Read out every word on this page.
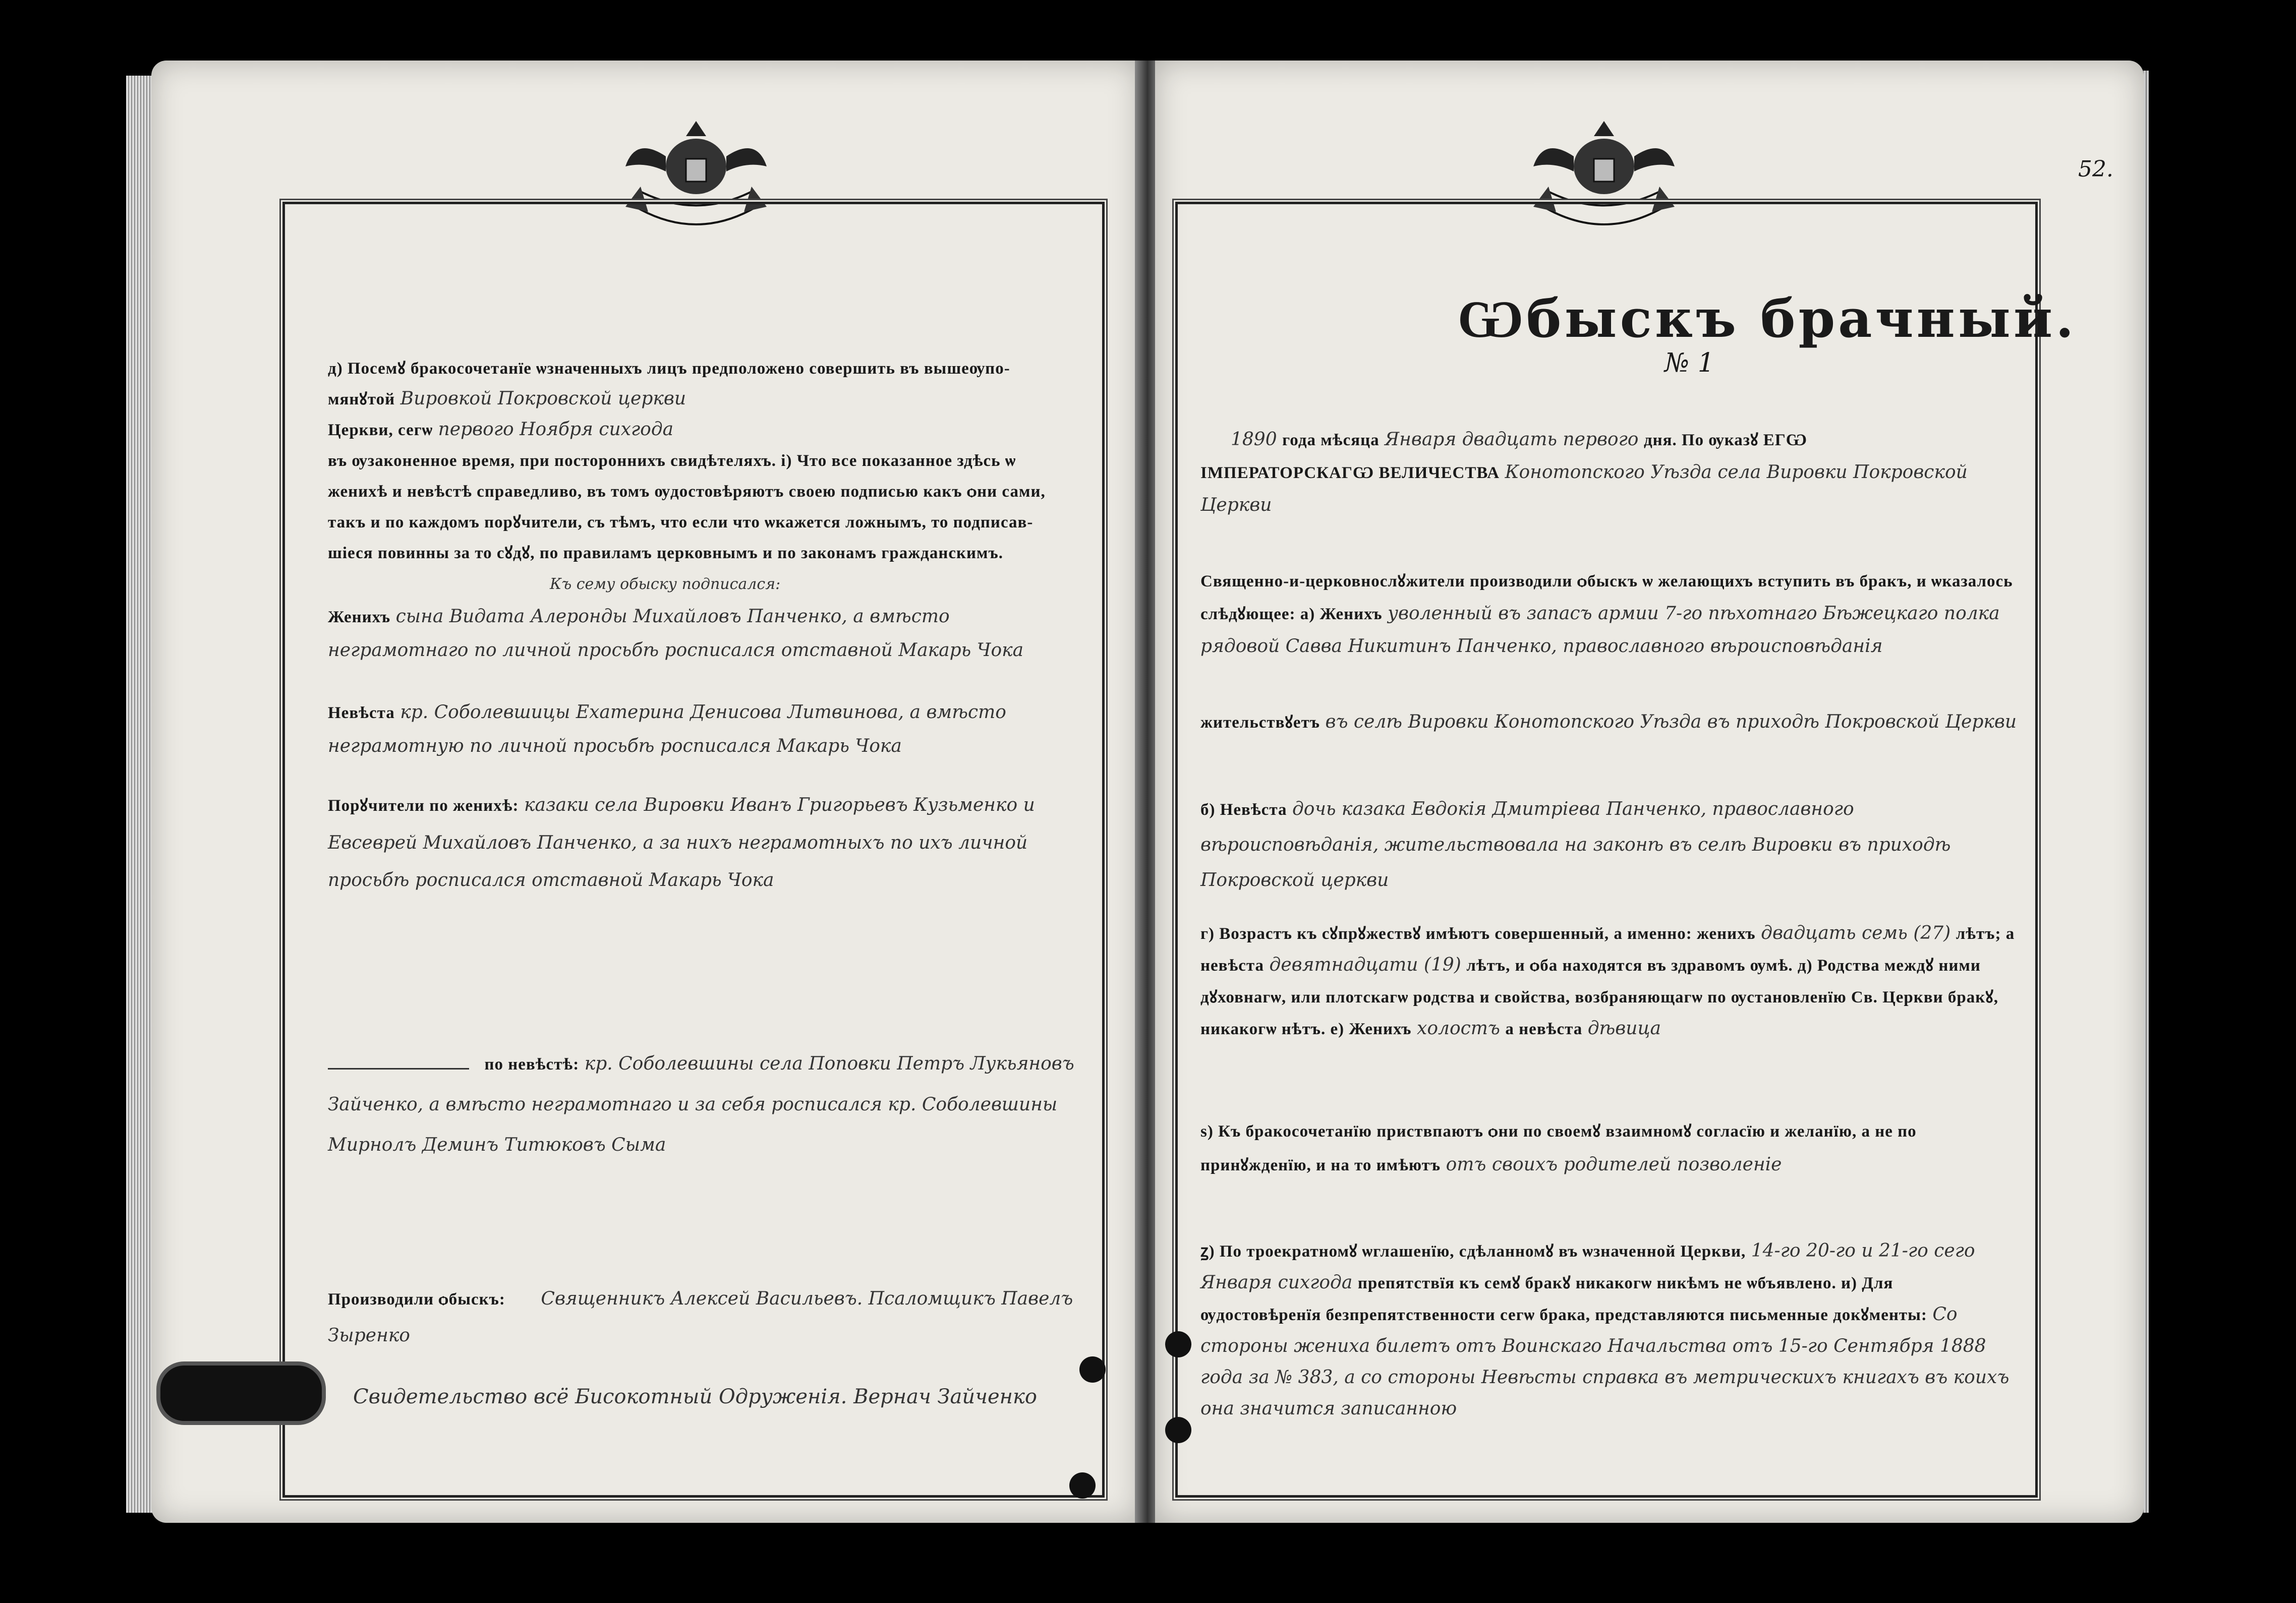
д) Посемꙋ бракосочетанїе ѡзначенныхъ лицъ предположено совершить въ вышеѹпо-
мянꙋтой Вировкой Покровской церкви
Церкви, сегѡ первого Ноября сихгода
въ ѹзаконенное время, при постороннихъ свидѣтеляхъ. і) Что все показанное здѣсь ѡ
женихѣ и невѣстѣ справедливо, въ томъ ѹдостовѣряютъ своею подписью какъ ѻни сами,
такъ и по каждомъ порꙋчители, съ тѣмъ, что если что ѡкажется ложнымъ, то подписав-
шіеся повинны за то сꙋдꙋ, по правиламъ церковнымъ и по законамъ гражданскимъ.
Къ сему обыску подписался:
Женихъ сына Видата Алеронды Михайловъ Панченко, а вмѣсто неграмотнаго по личной просьбѣ росписался отставной Макарь Чока
Невѣста кр. Соболевшицы Ехатерина Денисова Литвинова, а вмѣсто неграмотную по личной просьбѣ росписался Макарь Чока
Порꙋчители по женихѣ: казаки села Вировки Иванъ Григорьевъ Кузьменко и Евсеврей Михайловъ Панченко, а за нихъ неграмотныхъ по ихъ личной просьбѣ росписался отставной Макарь Чока
по невѣстѣ: кр. Соболевшины села Поповки Петръ Лукьяновъ Зайченко, а вмѣсто неграмотнаго и за себя росписался кр. Соболевшины Мирнолъ Деминъ Титюковъ Сыма
Производили ѻбыскъ: Священникъ Алексей Васильевъ. Псаломщикъ Павелъ Зыренко
Свидетельство всё Бисокотный Одруженія. Вернач Зайченко
52.
Ѡбыскъ брачный.
№ 1
1890 года мѣсяца Января двадцать первого дня. По ѹказꙋ ЕГѠ
ІМПЕРАТОРСКАГѠ ВЕЛИЧЕСТВА Конотопского Уѣзда села Вировки Покровской Церкви
Священно-и-церковнослꙋжители производили ѻбыскъ ѡ желающихъ вступить въ бракъ, и ѡказалось слѣдꙋющее: а) Женихъ уволенный въ запасъ армии 7-го пѣхотнаго Бѣжецкаго полка рядовой Савва Никитинъ Панченко, православного вѣроисповѣданія
жительствꙋетъ въ селѣ Вировки Конотопского Уѣзда въ приходѣ Покровской Церкви
б) Невѣста дочь казака Евдокія Дмитріева Панченко, православного вѣроисповѣданія, жительствовала на законѣ въ селѣ Вировки въ приходѣ Покровской церкви
г) Возрастъ къ сꙋпрꙋжествꙋ имѣютъ совершенный, а именно: женихъ двадцать семь (27) лѣтъ; а невѣста девятнадцати (19) лѣтъ, и ѻба находятся въ здравомъ ѹмѣ. д) Родства междꙋ ними дꙋховнагѡ, или плотскагѡ родства и свойства, возбраняющагѡ по ѹстановленїю Св. Церкви бракꙋ, никакогѡ нѣтъ. е) Женихъ холостъ а невѣста дѣвица
ѕ) Къ бракосочетанїю приствпаютъ ѻни по своемꙋ взаимномꙋ согласїю и желанїю, а не по принꙋжденїю, и на то имѣютъ отъ своихъ родителей позволеніе
ꙁ) По троекратномꙋ ѡглашенїю, сдѣланномꙋ въ ѡзначенной Церкви, 14-го 20-го и 21-го сего Января сихгода препятствїя къ семꙋ бракꙋ никакогѡ никѣмъ не ѡбъявлено. и) Для ѹдостовѣренїя безпрепятственности сегѡ брака, представляются письменные докꙋменты: Со стороны жениха билетъ отъ Воинскаго Начальства отъ 15-го Сентября 1888 года за № 383, а со стороны Невѣсты справка въ метрическихъ книгахъ въ коихъ она значится записанною
